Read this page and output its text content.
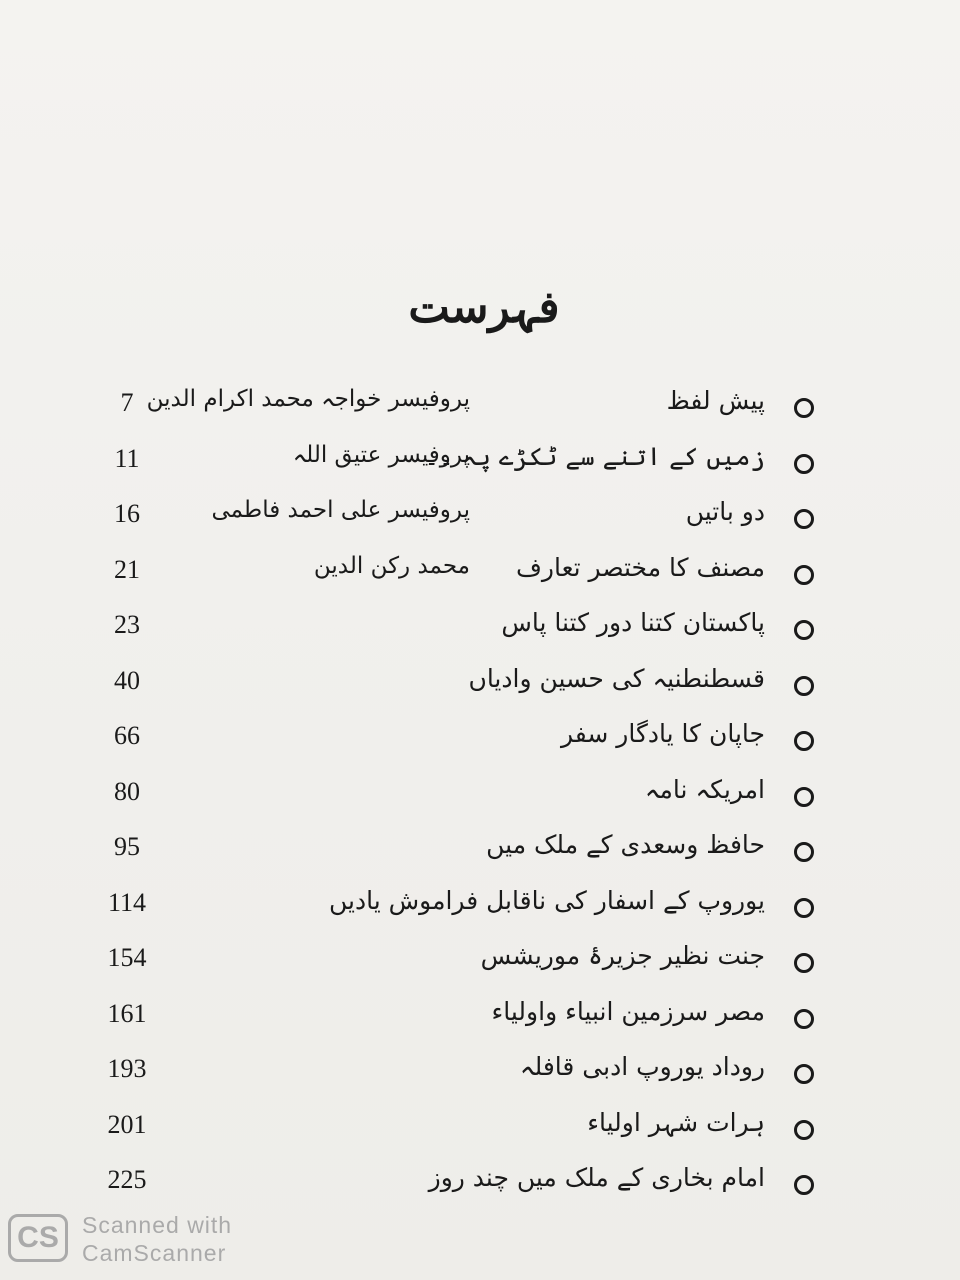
فہرست
پیش لفظ
پروفیسر خواجہ محمد اکرام الدین
7
زمیں کے اتنے سے ٹکڑے پہ ۔۔
پروفیسر عتیق اللہ
11
دو باتیں
پروفیسر علی احمد فاطمی
16
مصنف کا مختصر تعارف
محمد رکن الدین
21
پاکستان کتنا دور کتنا پاس
23
قسطنطنیہ کی حسین وادیاں
40
جاپان کا یادگار سفر
66
امریکہ نامہ
80
حافظ وسعدی کے ملک میں
95
یوروپ کے اسفار کی ناقابل فراموش یادیں
114
جنت نظیر جزیرۂ موریشس
154
مصر سرزمین انبیاء واولیاء
161
روداد یوروپ ادبی قافلہ
193
ہرات شہر اولیاء
201
امام بخاری کے ملک میں چند روز
225
CS	Scanned with
CamScanner
